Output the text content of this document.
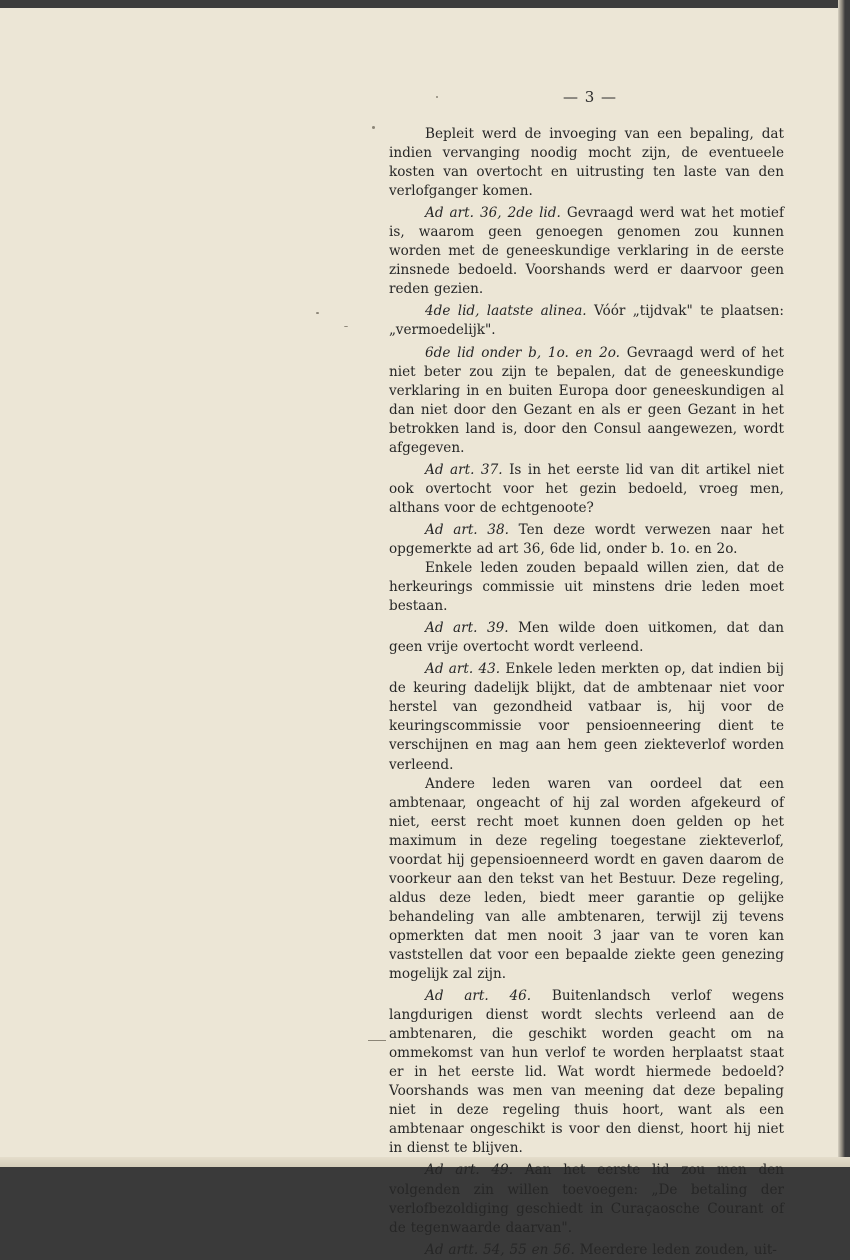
— 3 —

Bepleit werd de invoeging van een bepaling, dat indien vervanging noodig mocht zijn, de eventueele kosten van overtocht en uitrusting ten laste van den verlofganger komen.

Ad art. 36, 2de lid. Gevraagd werd wat het motief is, waarom geen genoegen genomen zou kunnen worden met de geneeskundige verklaring in de eerste zinsnede bedoeld. Voorshands werd er daarvoor geen reden gezien.

4de lid, laatste alinea. Vóór „tijdvak" te plaatsen: „vermoedelijk".

6de lid onder b, 1o. en 2o. Gevraagd werd of het niet beter zou zijn te bepalen, dat de geneeskundige verklaring in en buiten Europa door geneeskundigen al dan niet door den Gezant en als er geen Gezant in het betrokken land is, door den Consul aangewezen, wordt afgegeven.

Ad art. 37. Is in het eerste lid van dit artikel niet ook overtocht voor het gezin bedoeld, vroeg men, althans voor de echtgenoote?

Ad art. 38. Ten deze wordt verwezen naar het opgemerkte ad art 36, 6de lid, onder b. 1o. en 2o.

Enkele leden zouden bepaald willen zien, dat de herkeurings commissie uit minstens drie leden moet bestaan.

Ad art. 39. Men wilde doen uitkomen, dat dan geen vrije overtocht wordt verleend.

Ad art. 43. Enkele leden merkten op, dat indien bij de keuring dadelijk blijkt, dat de ambtenaar niet voor herstel van gezondheid vatbaar is, hij voor de keuringscommissie voor pensioenneering dient te verschijnen en mag aan hem geen ziekteverlof worden verleend.

Andere leden waren van oordeel dat een ambtenaar, ongeacht of hij zal worden afgekeurd of niet, eerst recht moet kunnen doen gelden op het maximum in deze regeling toegestane ziekteverlof, voordat hij gepensioenneerd wordt en gaven daarom de voorkeur aan den tekst van het Bestuur. Deze regeling, aldus deze leden, biedt meer garantie op gelijke behandeling van alle ambtenaren, terwijl zij tevens opmerkten dat men nooit 3 jaar van te voren kan vaststellen dat voor een bepaalde ziekte geen genezing mogelijk zal zijn.

Ad art. 46. Buitenlandsch verlof wegens langdurigen dienst wordt slechts verleend aan de ambtenaren, die geschikt worden geacht om na ommekomst van hun verlof te worden herplaatst staat er in het eerste lid. Wat wordt hiermede bedoeld? Voorshands was men van meening dat deze bepaling niet in deze regeling thuis hoort, want als een ambtenaar ongeschikt is voor den dienst, hoort hij niet in dienst te blijven.

Ad art. 49. Aan het eerste lid zou men den volgenden zin willen toevoegen: „De betaling der verlofbezoldiging geschiedt in Curaçaosche Courant of de tegenwaarde daarvan".

Ad artt. 54, 55 en 56. Meerdere leden zouden, uit-
